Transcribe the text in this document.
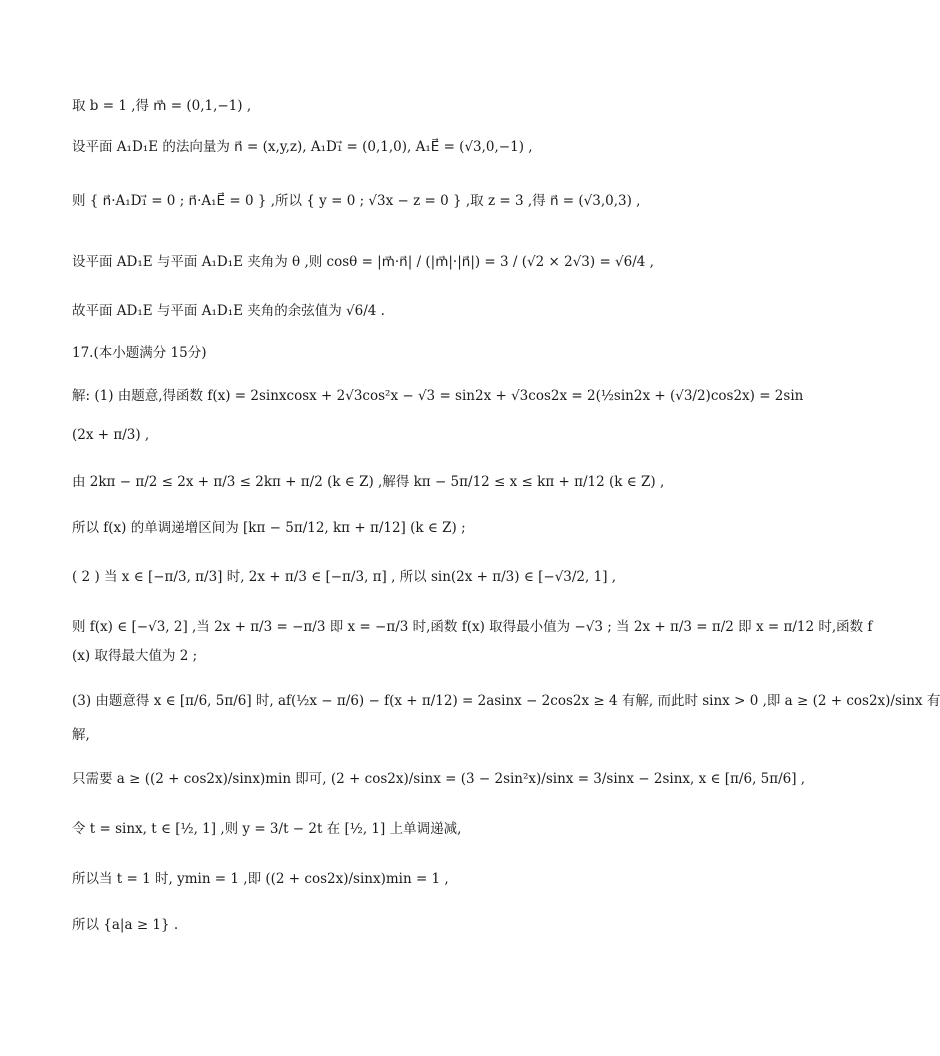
取 b = 1 ,得 m⃗ = (0,1,−1) ,
设平面 A₁D₁E 的法向量为 n⃗ = (x,y,z), A₁D₁⃗ = (0,1,0), A₁E⃗ = (√3,0,−1) ,
则 { n⃗·A₁D₁⃗ = 0 ; n⃗·A₁E⃗ = 0 } ,所以 { y = 0 ; √3x − z = 0 } ,取 z = 3 ,得 n⃗ = (√3,0,3) ,
设平面 AD₁E 与平面 A₁D₁E 夹角为 θ ,则 cosθ = |m⃗·n⃗| / (|m⃗|·|n⃗|) = 3 / (√2 × 2√3) = √6/4 ,
故平面 AD₁E 与平面 A₁D₁E 夹角的余弦值为 √6/4 .
17.(本小题满分 15分)
解: (1) 由题意,得函数 f(x) = 2sinxcosx + 2√3cos²x − √3 = sin2x + √3cos2x = 2(½sin2x + (√3/2)cos2x) = 2sin
(2x + π/3) ,
由 2kπ − π/2 ≤ 2x + π/3 ≤ 2kπ + π/2 (k ∈ Z) ,解得 kπ − 5π/12 ≤ x ≤ kπ + π/12 (k ∈ Z) ,
所以 f(x) 的单调递增区间为 [kπ − 5π/12, kπ + π/12] (k ∈ Z) ;
( 2 ) 当 x ∈ [−π/3, π/3] 时, 2x + π/3 ∈ [−π/3, π] , 所以 sin(2x + π/3) ∈ [−√3/2, 1] ,
则 f(x) ∈ [−√3, 2] ,当 2x + π/3 = −π/3 即 x = −π/3 时,函数 f(x) 取得最小值为 −√3 ; 当 2x + π/3 = π/2 即 x = π/12 时,函数 f
(x) 取得最大值为 2 ;
(3) 由题意得 x ∈ [π/6, 5π/6] 时, af(½x − π/6) − f(x + π/12) = 2asinx − 2cos2x ≥ 4 有解, 而此时 sinx > 0 ,即 a ≥ (2 + cos2x)/sinx 有
解,
只需要 a ≥ ((2 + cos2x)/sinx)min 即可, (2 + cos2x)/sinx = (3 − 2sin²x)/sinx = 3/sinx − 2sinx, x ∈ [π/6, 5π/6] ,
令 t = sinx, t ∈ [½, 1] ,则 y = 3/t − 2t 在 [½, 1] 上单调递减,
所以当 t = 1 时, ymin = 1 ,即 ((2 + cos2x)/sinx)min = 1 ,
所以 {a|a ≥ 1} .
